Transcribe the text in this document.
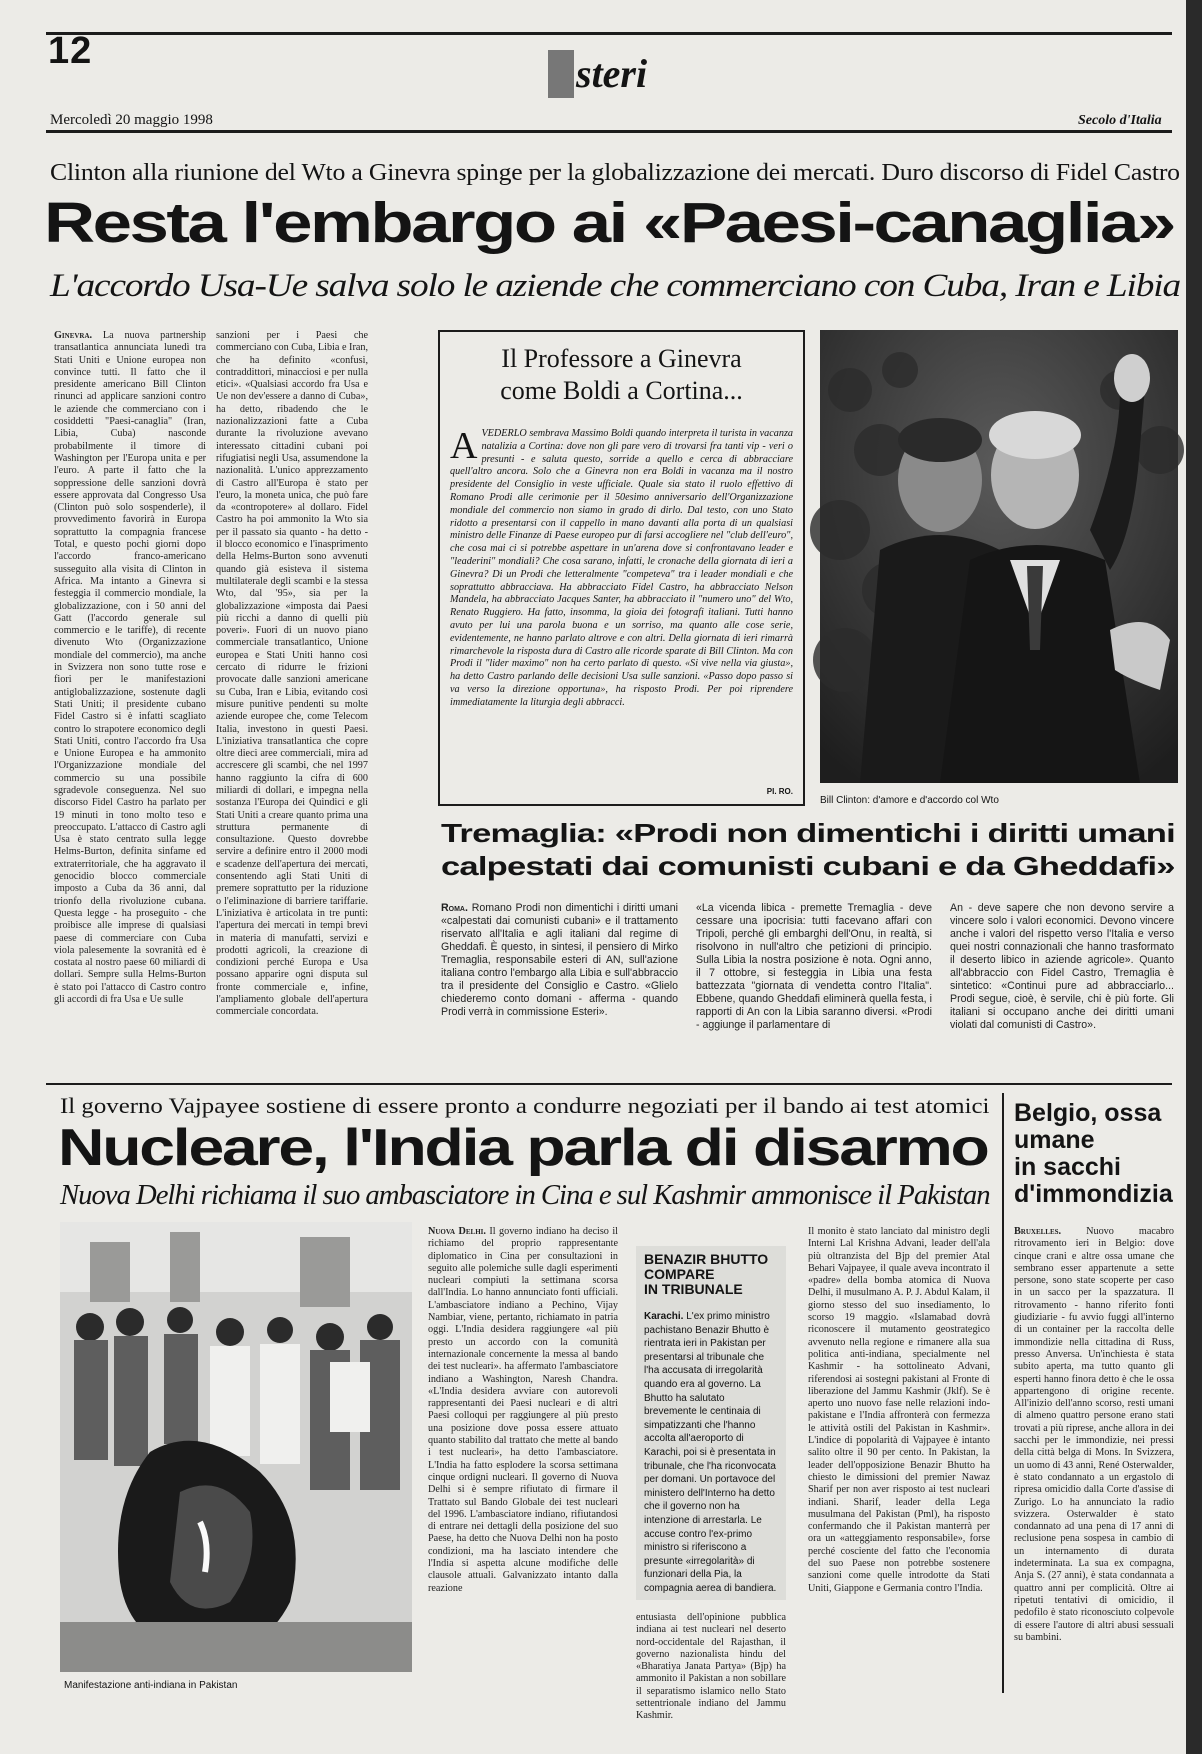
12	steri
Mercoledì 20 maggio 1998	Secolo d'Italia
Clinton alla riunione del Wto a Ginevra spinge per la globalizzazione dei mercati. Duro discorso di Fidel Castro
Resta l'embargo ai «Paesi-canaglia»
L'accordo Usa-Ue salva solo le aziende che commerciano con Cuba, Iran e Libia
Ginevra. La nuova partnership transatlantica annunciata lunedì tra Stati Uniti e Unione europea non convince tutti. Il fatto che il presidente americano Bill Clinton rinunci ad applicare sanzioni contro le aziende che commerciano con i cosiddetti "Paesi-canaglia" (Iran, Libia, Cuba) nasconde probabilmente il timore di Washington per l'Europa unita e per l'euro. A parte il fatto che la soppressione delle sanzioni dovrà essere approvata dal Congresso Usa (Clinton può solo sospenderle), il provvedimento favorirà in Europa soprattutto la compagnia francese Total, e questo pochi giorni dopo l'accordo franco-americano susseguito alla visita di Clinton in Africa. Ma intanto a Ginevra si festeggia il commercio mondiale, la globalizzazione, con i 50 anni del Gatt (l'accordo generale sul commercio e le tariffe), di recente divenuto Wto (Organizzazione mondiale del commercio), ma anche in Svizzera non sono tutte rose e fiori per le manifestazioni antiglobalizzazione, sostenute dagli Stati Uniti; il presidente cubano Fidel Castro si è infatti scagliato contro lo strapotere economico degli Stati Uniti, contro l'accordo fra Usa e Unione Europea e ha ammonito l'Organizzazione mondiale del commercio su una possibile sgradevole conseguenza. Nel suo discorso Fidel Castro ha parlato per 19 minuti in tono molto teso e preoccupato. L'attacco di Castro agli Usa è stato centrato sulla legge Helms-Burton, definita sinfame ed extraterritoriale, che ha aggravato il genocidio blocco commerciale imposto a Cuba da 36 anni, dal trionfo della rivoluzione cubana. Questa legge - ha proseguito - che proibisce alle imprese di qualsiasi paese di commerciare con Cuba viola palesemente la sovranità ed è costata al nostro paese 60 miliardi di dollari. Sempre sulla Helms-Burton è stato poi l'attacco di Castro contro gli accordi di fra Usa e Ue sulle
sanzioni per i Paesi che commerciano con Cuba, Libia e Iran, che ha definito «confusi, contraddittori, minacciosi e per nulla etici». «Qualsiasi accordo fra Usa e Ue non dev'essere a danno di Cuba», ha detto, ribadendo che le nazionalizzazioni fatte a Cuba durante la rivoluzione avevano interessato cittadini cubani poi rifugiatisi negli Usa, assumendone la nazionalità. L'unico apprezzamento di Castro all'Europa è stato per l'euro, la moneta unica, che può fare da «contropotere» al dollaro. Fidel Castro ha poi ammonito la Wto sia per il passato sia quanto - ha detto - il blocco economico e l'inasprimento della Helms-Burton sono avvenuti quando già esisteva il sistema multilaterale degli scambi e la stessa Wto, dal '95», sia per la globalizzazione «imposta dai Paesi più ricchi a danno di quelli più poveri». Fuori di un nuovo piano commerciale transatlantico, Unione europea e Stati Uniti hanno così cercato di ridurre le frizioni provocate dalle sanzioni americane su Cuba, Iran e Libia, evitando così misure punitive pendenti su molte aziende europee che, come Telecom Italia, investono in questi Paesi. L'iniziativa transatlantica che copre oltre dieci aree commerciali, mira ad accrescere gli scambi, che nel 1997 hanno raggiunto la cifra di 600 miliardi di dollari, e impegna nella sostanza l'Europa dei Quindici e gli Stati Uniti a creare quanto prima una struttura permanente di consultazione. Questo dovrebbe servire a definire entro il 2000 modi e scadenze dell'apertura dei mercati, consentendo agli Stati Uniti di premere soprattutto per la riduzione o l'eliminazione di barriere tariffarie. L'iniziativa è articolata in tre punti: l'apertura dei mercati in tempi brevi in materia di manufatti, servizi e prodotti agricoli, la creazione di condizioni perché Europa e Usa possano apparire ogni disputa sul fronte commerciale e, infine, l'ampliamento globale dell'apertura commerciale concordata.
Il Professore a Ginevra
come Boldi a Cortina...
A VEDERLO sembrava Massimo Boldi quando interpreta il turista in vacanza natalizia a Cortina: dove non gli pare vero di trovarsi fra tanti vip - veri o presunti - e saluta questo, sorride a quello e cerca di abbracciare quell'altro ancora. Solo che a Ginevra non era Boldi in vacanza ma il nostro presidente del Consiglio in veste ufficiale. Quale sia stato il ruolo effettivo di Romano Prodi alle cerimonie per il 50esimo anniversario dell'Organizzazione mondiale del commercio non siamo in grado di dirlo. Dal testo, con uno Stato ridotto a presentarsi con il cappello in mano davanti alla porta di un qualsiasi ministro delle Finanze di Paese europeo pur di farsi accogliere nel "club dell'euro", che cosa mai ci si potrebbe aspettare in un'arena dove si confrontavano leader e "leaderini" mondiali? Che cosa sarano, infatti, le cronache della giornata di ieri a Ginevra? Di un Prodi che letteralmente "competeva" tra i leader mondiali e che soprattutto abbracciava. Ha abbracciato Fidel Castro, ha abbracciato Nelson Mandela, ha abbracciato Jacques Santer, ha abbracciato il "numero uno" del Wto, Renato Ruggiero. Ha fatto, insomma, la gioia dei fotografi italiani. Tutti hanno avuto per lui una parola buona e un sorriso, ma quanto alle cose serie, evidentemente, ne hanno parlato altrove e con altri. Della giornata di ieri rimarrà rimarchevole la risposta dura di Castro alle ricorde sparate di Bill Clinton. Ma con Prodi il "lider maximo" non ha certo parlato di questo. «Si vive nella via giusta», ha detto Castro parlando delle decisioni Usa sulle sanzioni. «Passo dopo passo si va verso la direzione opportuna», ha risposto Prodi. Per poi riprendere immediatamente la liturgia degli abbracci.
PI. RO.
Bill Clinton: d'amore e d'accordo col Wto
Tremaglia: «Prodi non dimentichi i diritti umani
calpestati dai comunisti cubani e da Gheddafi»
Roma. Romano Prodi non dimentichi i diritti umani «calpestati dai comunisti cubani» e il trattamento riservato all'Italia e agli italiani dal regime di Gheddafi. È questo, in sintesi, il pensiero di Mirko Tremaglia, responsabile esteri di AN, sull'azione italiana contro l'embargo alla Libia e sull'abbraccio tra il presidente del Consiglio e Castro. «Glielo chiederemo conto domani - afferma - quando Prodi verrà in commissione Esteri».
«La vicenda libica - premette Tremaglia - deve cessare una ipocrisia: tutti facevano affari con Tripoli, perché gli embarghi dell'Onu, in realtà, si risolvono in null'altro che petizioni di principio. Sulla Libia la nostra posizione è nota. Ogni anno, il 7 ottobre, si festeggia in Libia una festa battezzata "giornata di vendetta contro l'Italia". Ebbene, quando Gheddafi eliminerà quella festa, i rapporti di An con la Libia saranno diversi. «Prodi - aggiunge il parlamentare di
An - deve sapere che non devono servire a vincere solo i valori economici. Devono vincere anche i valori del rispetto verso l'Italia e verso quei nostri connazionali che hanno trasformato il deserto libico in aziende agricole». Quanto all'abbraccio con Fidel Castro, Tremaglia è sintetico: «Continui pure ad abbracciarlo... Prodi segue, cioè, è servile, chi è più forte. Gli italiani si occupano anche dei diritti umani violati dal comunisti di Castro».
Il governo Vajpayee sostiene di essere pronto a condurre negoziati per il bando ai test atomici
Nucleare, l'India parla di disarmo
Nuova Delhi richiama il suo ambasciatore in Cina e sul Kashmir ammonisce il Pakistan
Manifestazione anti-indiana in Pakistan
Nuova Delhi. Il governo indiano ha deciso il richiamo del proprio rappresentante diplomatico in Cina per consultazioni in seguito alle polemiche sulle dagli esperimenti nucleari compiuti la settimana scorsa dall'India. Lo hanno annunciato fonti ufficiali. L'ambasciatore indiano a Pechino, Vijay Nambiar, viene, pertanto, richiamato in patria oggi. L'India desidera raggiungere «al più presto un accordo con la comunità internazionale concernente la messa al bando dei test nucleari». ha affermato l'ambasciatore indiano a Washington, Naresh Chandra. «L'India desidera avviare con autorevoli rappresentanti dei Paesi nucleari e di altri Paesi colloqui per raggiungere al più presto una posizione dove possa essere attuato quanto stabilito dal trattato che mette al bando i test nucleari», ha detto l'ambasciatore. L'India ha fatto esplodere la scorsa settimana cinque ordigni nucleari. Il governo di Nuova Delhi si è sempre rifiutato di firmare il Trattato sul Bando Globale dei test nucleari del 1996. L'ambasciatore indiano, rifiutandosi di entrare nei dettagli della posizione del suo Paese, ha detto che Nuova Delhi non ha posto condizioni, ma ha lasciato intendere che l'India si aspetta alcune modifiche delle clausole attuali. Galvanizzato intanto dalla reazione
BENAZIR BHUTTO
COMPARE
IN TRIBUNALE
Karachi. L'ex primo ministro pachistano Benazir Bhutto è rientrata ieri in Pakistan per presentarsi al tribunale che l'ha accusata di irregolarità quando era al governo. La Bhutto ha salutato brevemente le centinaia di simpatizzanti che l'hanno accolta all'aeroporto di Karachi, poi si è presentata in tribunale, che l'ha riconvocata per domani. Un portavoce del ministero dell'Interno ha detto che il governo non ha intenzione di arrestarla. Le accuse contro l'ex-primo ministro si riferiscono a presunte «irregolarità» di funzionari della Pia, la compagnia aerea di bandiera.
entusiasta dell'opinione pubblica indiana ai test nucleari nel deserto nord-occidentale del Rajasthan, il governo nazionalista hindu del «Bharatiya Janata Partya» (Bjp) ha ammonito il Pakistan a non sobillare il separatismo islamico nello Stato settentrionale indiano del Jammu Kashmir.
Il monito è stato lanciato dal ministro degli Interni Lal Krishna Advani, leader dell'ala più oltranzista del Bjp del premier Atal Behari Vajpayee, il quale aveva incontrato il «padre» della bomba atomica di Nuova Delhi, il musulmano A. P. J. Abdul Kalam, il giorno stesso del suo insediamento, lo scorso 19 maggio. «Islamabad dovrà riconoscere il mutamento geostrategico avvenuto nella regione e rimanere alla sua politica anti-indiana, specialmente nel Kashmir - ha sottolineato Advani, riferendosi ai sostegni pakistani al Fronte di liberazione del Jammu Kashmir (Jklf). Se è aperto uno nuovo fase nelle relazioni indo-pakistane e l'India affronterà con fermezza le attività ostili del Pakistan in Kashmir». L'indice di popolarità di Vajpayee è intanto salito oltre il 90 per cento. In Pakistan, la leader dell'opposizione Benazir Bhutto ha chiesto le dimissioni del premier Nawaz Sharif per non aver risposto ai test nucleari indiani. Sharif, leader della Lega musulmana del Pakistan (Pml), ha risposto confermando che il Pakistan manterrà per ora un «atteggiamento responsabile», forse perché cosciente del fatto che l'economia del suo Paese non potrebbe sostenere sanzioni come quelle introdotte da Stati Uniti, Giappone e Germania contro l'India.
Belgio, ossa
umane
in sacchi
d'immondizia
Bruxelles. Nuovo macabro ritrovamento ieri in Belgio: dove cinque crani e altre ossa umane che sembrano esser appartenute a sette persone, sono state scoperte per caso in un sacco per la spazzatura. Il ritrovamento - hanno riferito fonti giudiziarie - fu avvio fuggi all'interno di un container per la raccolta delle immondizie nella cittadina di Russ, presso Anversa. Un'inchiesta è stata subito aperta, ma tutto quanto gli esperti hanno finora detto è che le ossa appartengono di origine recente. All'inizio dell'anno scorso, resti umani di almeno quattro persone erano stati trovati a più riprese, anche allora in dei sacchi per le immondizie, nei pressi della città belga di Mons. In Svizzera, un uomo di 43 anni, René Osterwalder, è stato condannato a un ergastolo di ripresa omicidio dalla Corte d'assise di Zurigo. Lo ha annunciato la radio svizzera. Osterwalder è stato condannato ad una pena di 17 anni di reclusione pena sospesa in cambio di un internamento di durata indeterminata. La sua ex compagna, Anja S. (27 anni), è stata condannata a quattro anni per complicità. Oltre ai ripetuti tentativi di omicidio, il pedofilo è stato riconosciuto colpevole di essere l'autore di altri abusi sessuali su bambini.
